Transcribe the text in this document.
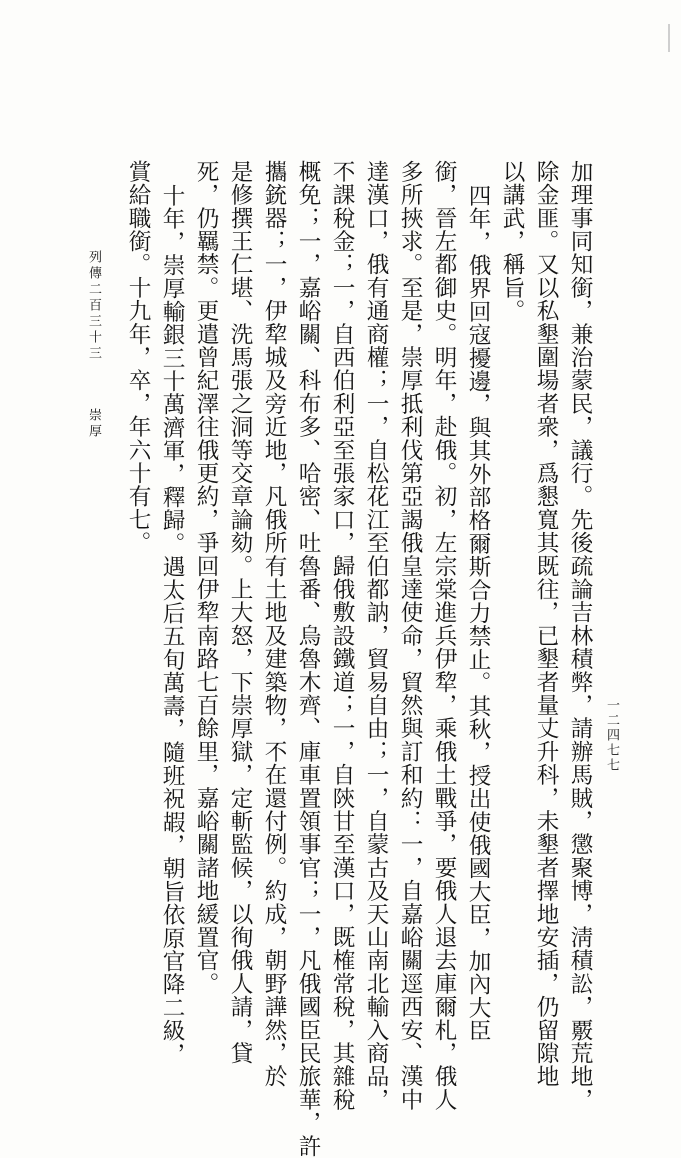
列傳二百三十三
崇厚
一二四七七
加理事同知銜，兼治蒙民，議行。先後疏論吉林積弊，請辦馬賊，懲聚博，淸積訟，覈荒地，
除金匪。又以私墾圍場者衆，爲懇寬其既往，已墾者量丈升科，未墾者擇地安插，仍留隙地
以講武，稱旨。
四年，俄界回寇擾邊，與其外部格爾斯合力禁止。其秋，授出使俄國大臣，加內大臣
銜，晉左都御史。明年，赴俄。初，左宗棠進兵伊犂，乘俄土戰爭，要俄人退去庫爾札，俄人
多所挾求。至是，崇厚抵利伐第亞謁俄皇達使命，貿然與訂和約：一，自嘉峪關逕西安、漢中
達漢口，俄有通商權；一，自松花江至伯都訥，貿易自由；一，自蒙古及天山南北輸入商品，
不課稅金；一，自西伯利亞至張家口，歸俄敷設鐵道；一，自陝甘至漢口，既榷常稅，其雜稅
概免；一，嘉峪關、科布多、哈密、吐魯番、烏魯木齊、庫車置領事官；一，凡俄國臣民旅華，許
攜銃器；一，伊犂城及旁近地，凡俄所有土地及建築物，不在還付例。約成，朝野譁然，於
是修撰王仁堪、洗馬張之洞等交章論劾。上大怒，下崇厚獄，定斬監候，以徇俄人請，貸
死，仍羈禁。更遣曾紀澤往俄更約，爭回伊犂南路七百餘里，嘉峪關諸地緩置官。
十年，崇厚輸銀三十萬濟軍，釋歸。遇太后五旬萬壽，隨班祝嘏，朝旨依原官降二級，
賞給職銜。十九年，卒，年六十有七。
